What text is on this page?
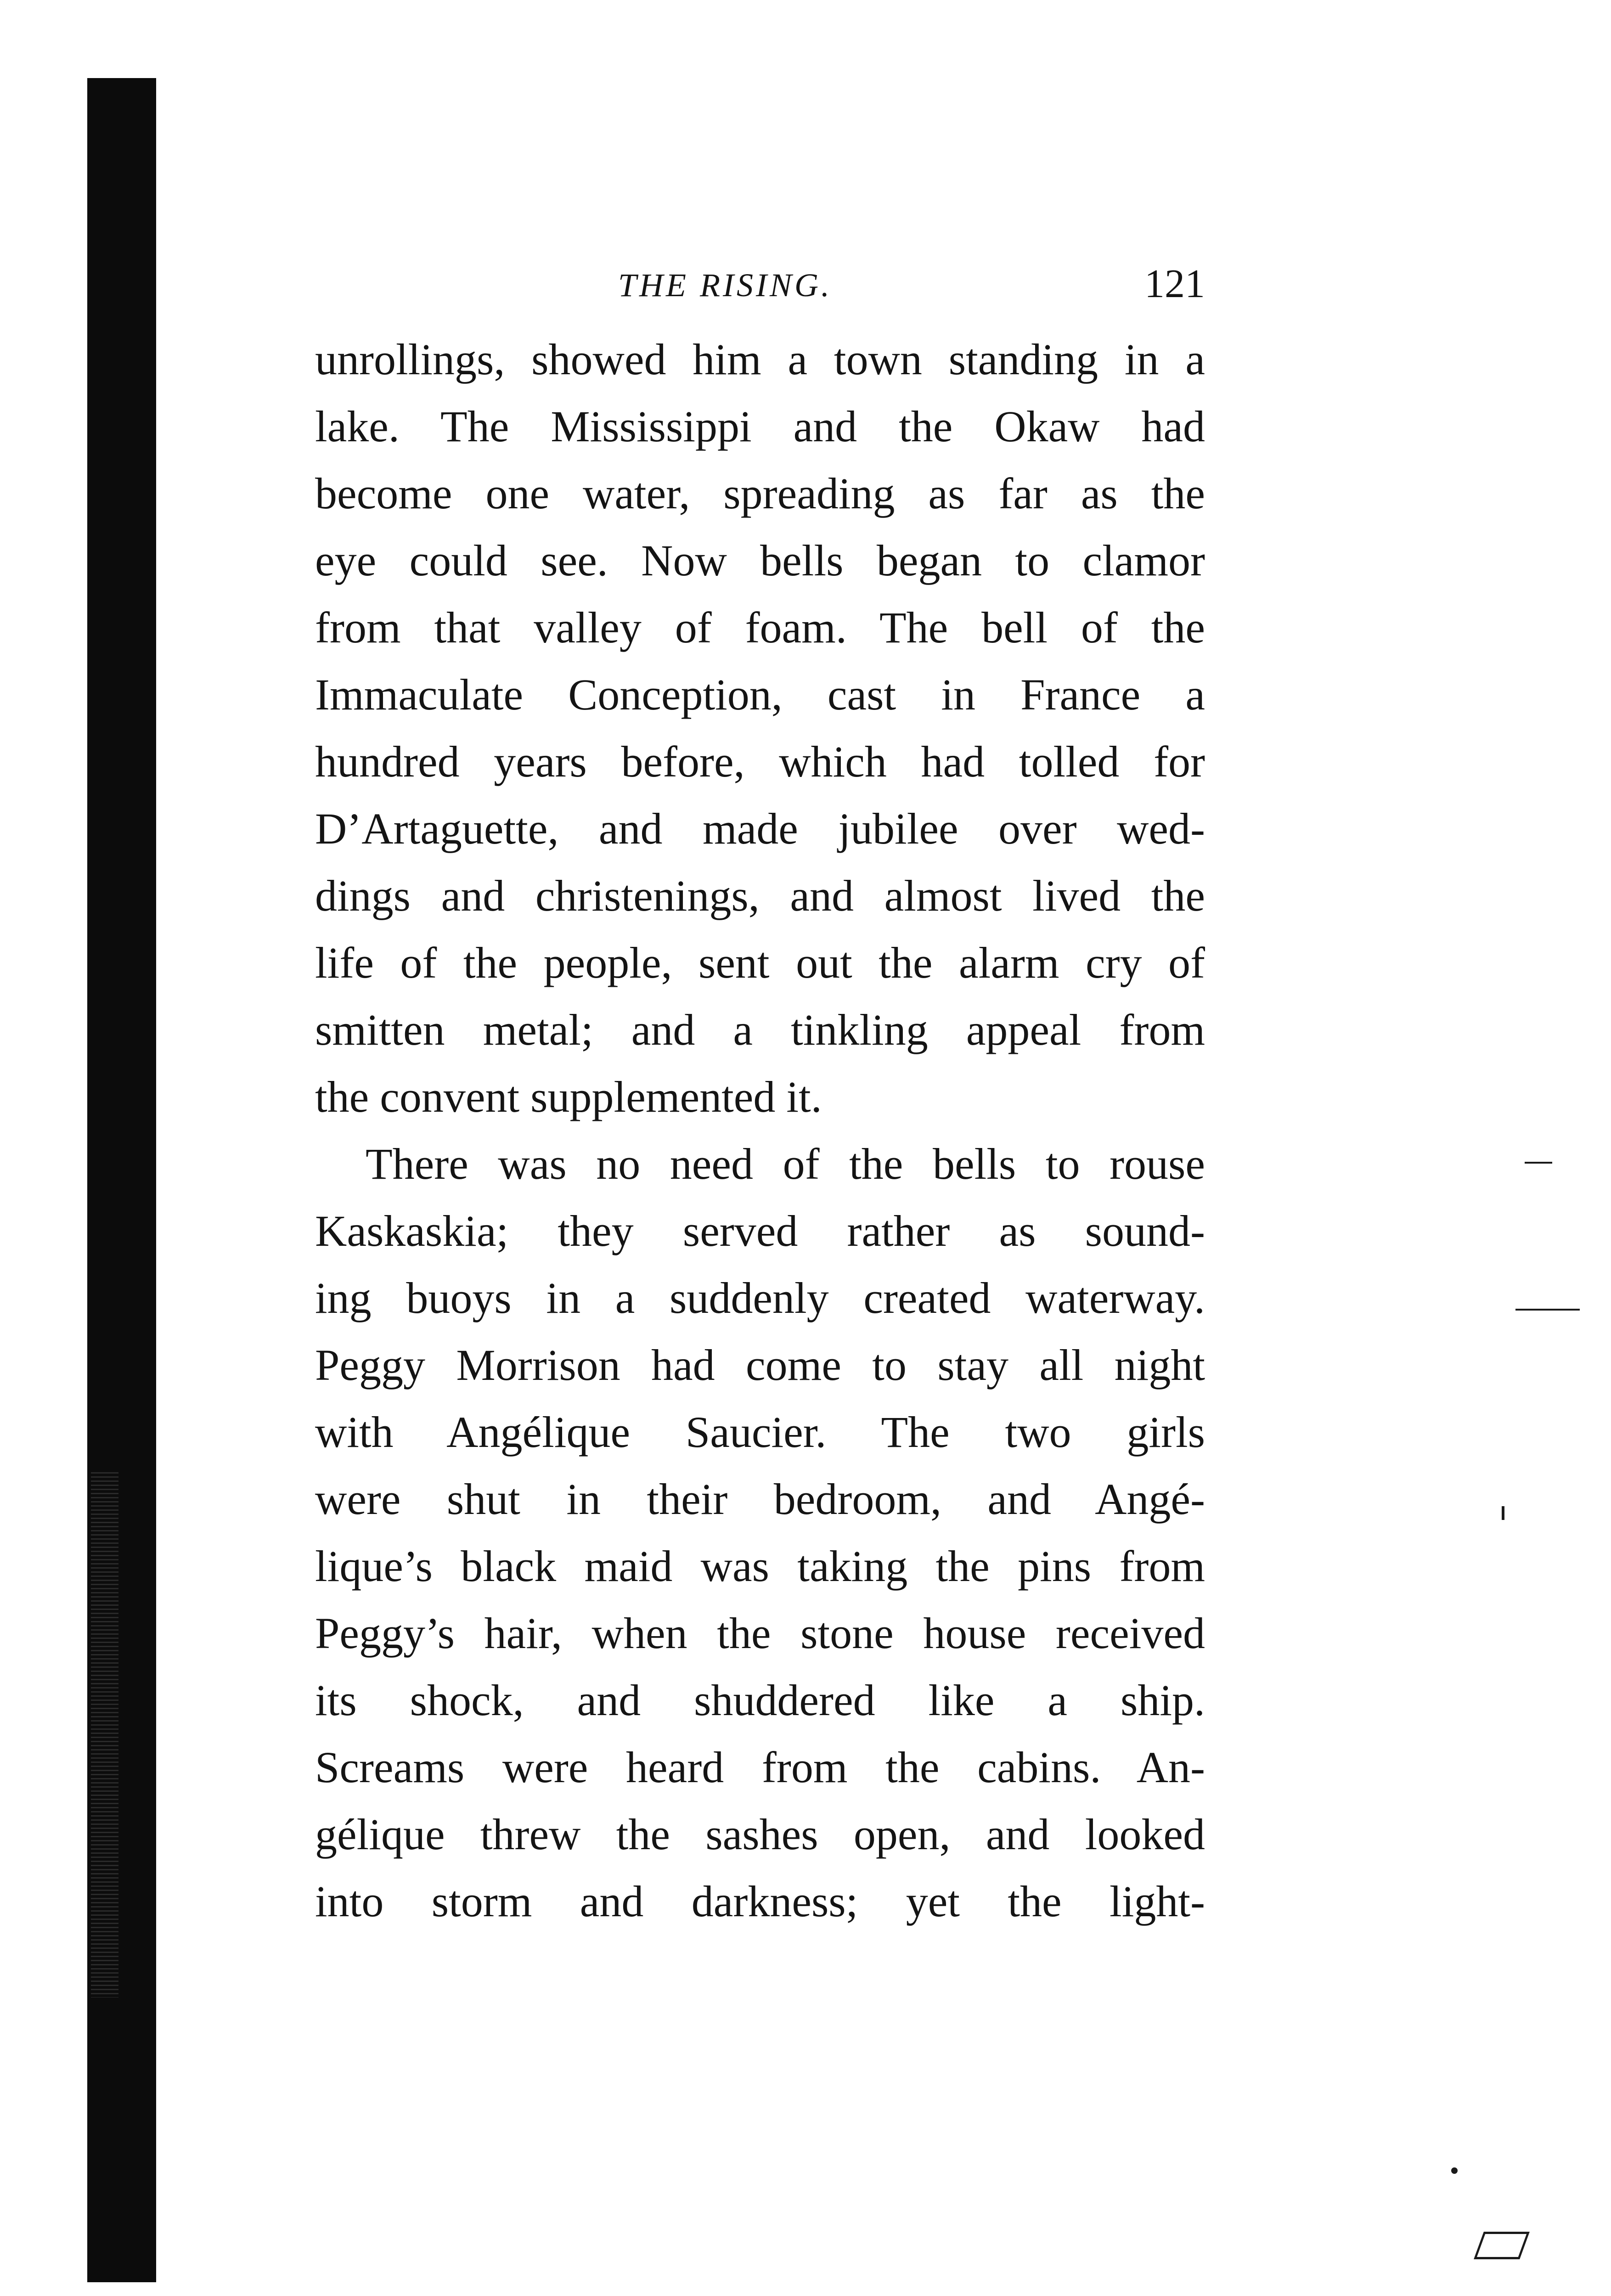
THE RISING.	121
unrollings, showed him a town standing in a
lake. The Mississippi and the Okaw had
become one water, spreading as far as the
eye could see. Now bells began to clamor
from that valley of foam. The bell of the
Immaculate Conception, cast in France a
hundred years before, which had tolled for
D’Artaguette, and made jubilee over wed-
dings and christenings, and almost lived the
life of the people, sent out the alarm cry of
smitten metal; and a tinkling appeal from
the convent supplemented it.
There was no need of the bells to rouse
Kaskaskia; they served rather as sound-
ing buoys in a suddenly created waterway.
Peggy Morrison had come to stay all night
with Angélique Saucier. The two girls
were shut in their bedroom, and Angé-
lique’s black maid was taking the pins from
Peggy’s hair, when the stone house received
its shock, and shuddered like a ship.
Screams were heard from the cabins. An-
gélique threw the sashes open, and looked
into storm and darkness; yet the light-
